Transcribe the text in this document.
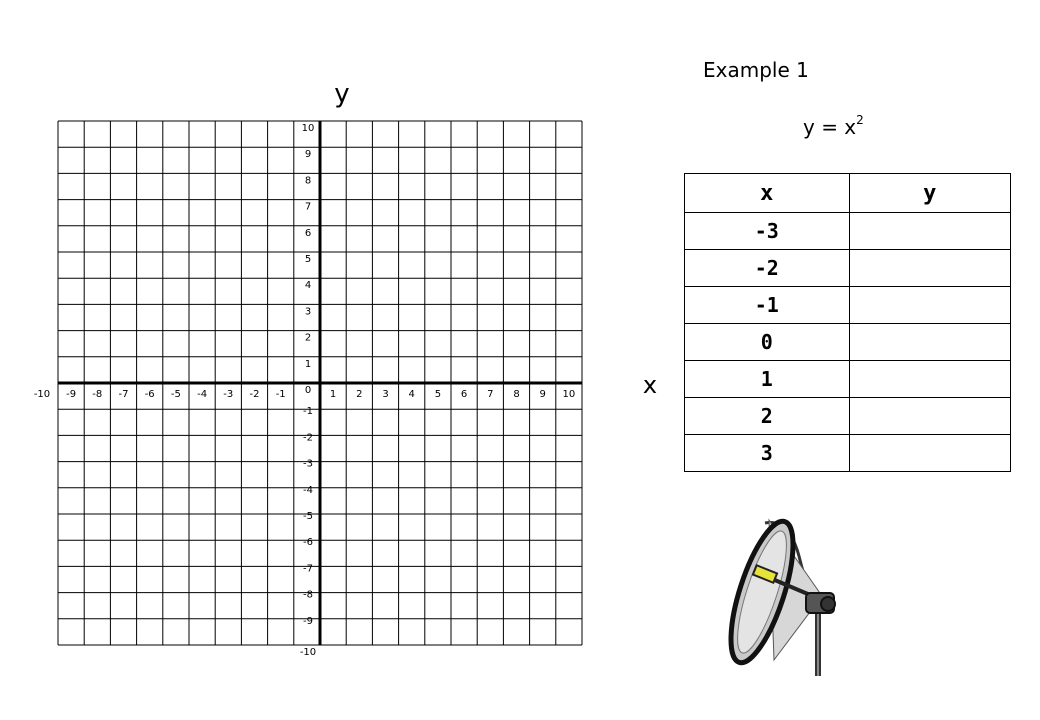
-10 -9 -8 -7 -6 -5 -4 -3 -2 -1	1 2 3 4 5 6 7 8 9 10
10
9
8
7
6
5
4
3
2
1
0
-1
-2
-3
-4
-5
-6
-7
-8
-9
-10
x
y
Example 1
$y = x^2$
x	y
-3	
-2	
-1	
0	
1	
2	
3	
